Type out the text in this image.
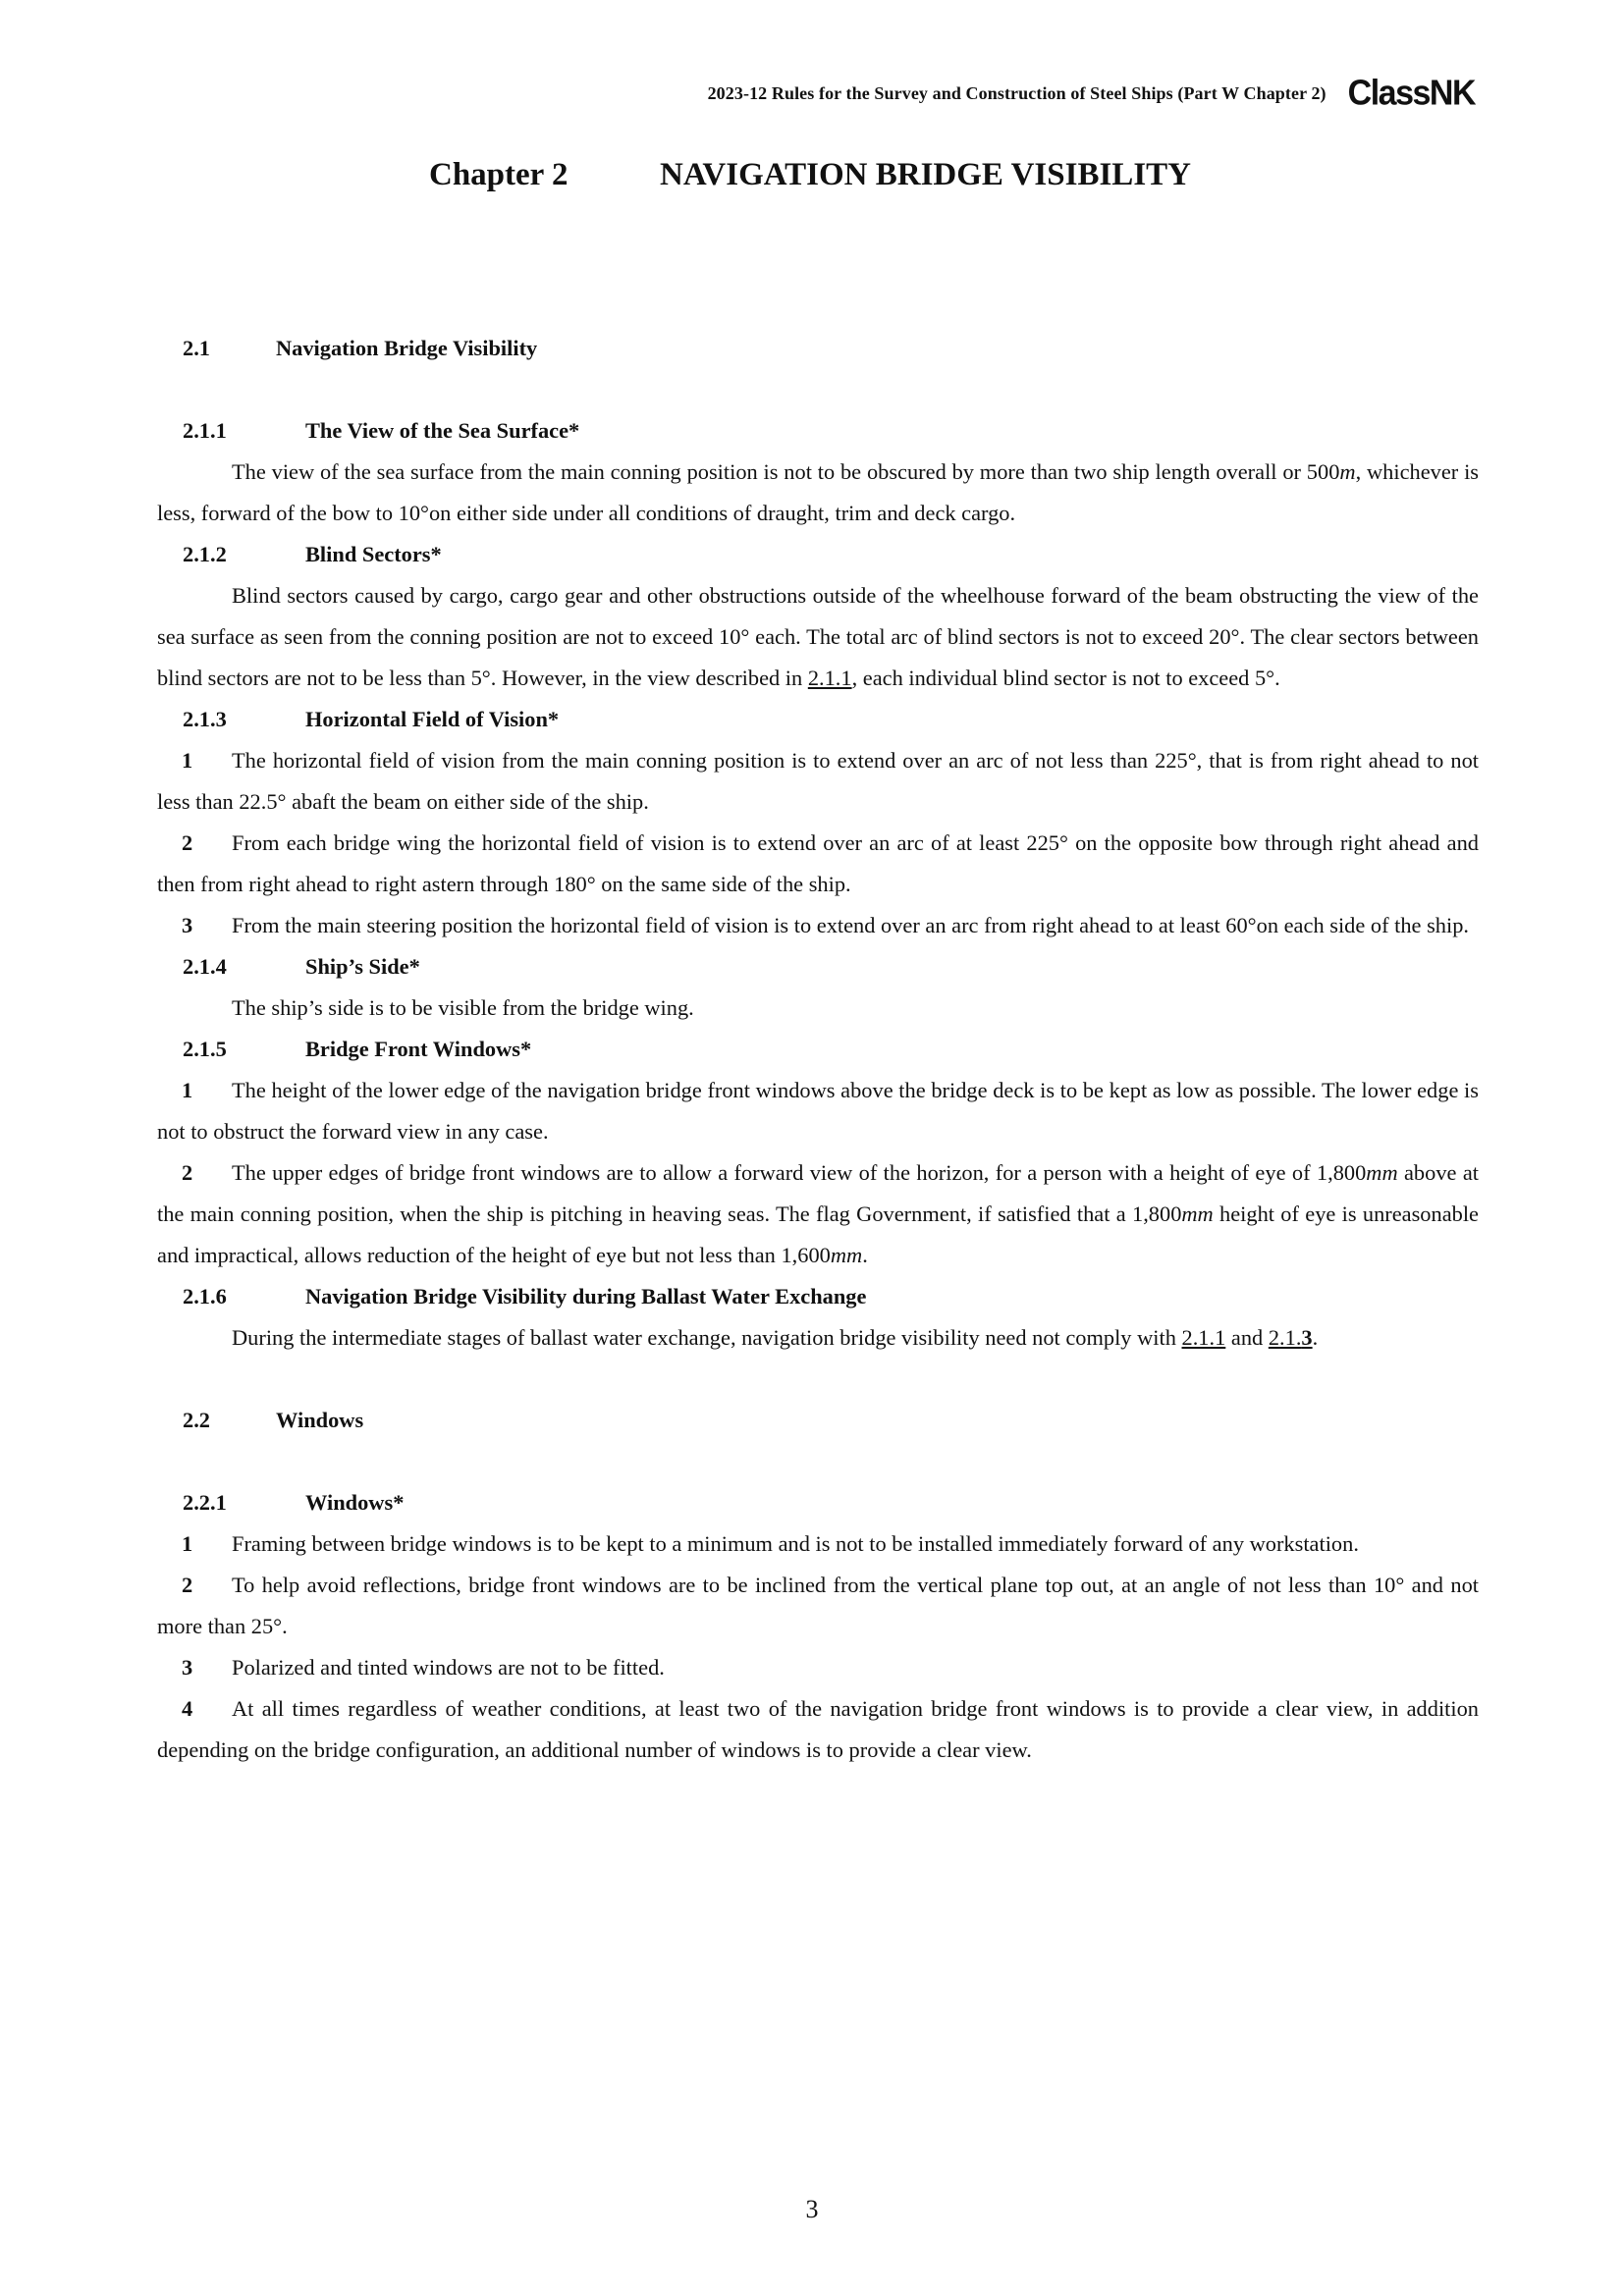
2023-12 Rules for the Survey and Construction of Steel Ships (Part W Chapter 2) ClassNK
Chapter 2	NAVIGATION BRIDGE VISIBILITY
2.1	Navigation Bridge Visibility
2.1.1	The View of the Sea Surface*
The view of the sea surface from the main conning position is not to be obscured by more than two ship length overall or 500m, whichever is less, forward of the bow to 10°on either side under all conditions of draught, trim and deck cargo.
2.1.2	Blind Sectors*
Blind sectors caused by cargo, cargo gear and other obstructions outside of the wheelhouse forward of the beam obstructing the view of the sea surface as seen from the conning position are not to exceed 10° each. The total arc of blind sectors is not to exceed 20°. The clear sectors between blind sectors are not to be less than 5°. However, in the view described in 2.1.1, each individual blind sector is not to exceed 5°.
2.1.3	Horizontal Field of Vision*
1 The horizontal field of vision from the main conning position is to extend over an arc of not less than 225°, that is from right ahead to not less than 22.5° abaft the beam on either side of the ship.
2 From each bridge wing the horizontal field of vision is to extend over an arc of at least 225° on the opposite bow through right ahead and then from right ahead to right astern through 180° on the same side of the ship.
3 From the main steering position the horizontal field of vision is to extend over an arc from right ahead to at least 60°on each side of the ship.
2.1.4	Ship’s Side*
The ship’s side is to be visible from the bridge wing.
2.1.5	Bridge Front Windows*
1 The height of the lower edge of the navigation bridge front windows above the bridge deck is to be kept as low as possible. The lower edge is not to obstruct the forward view in any case.
2 The upper edges of bridge front windows are to allow a forward view of the horizon, for a person with a height of eye of 1,800mm above at the main conning position, when the ship is pitching in heaving seas. The flag Government, if satisfied that a 1,800mm height of eye is unreasonable and impractical, allows reduction of the height of eye but not less than 1,600mm.
2.1.6	Navigation Bridge Visibility during Ballast Water Exchange
During the intermediate stages of ballast water exchange, navigation bridge visibility need not comply with 2.1.1 and 2.1.3.
2.2	Windows
2.2.1	Windows*
1 Framing between bridge windows is to be kept to a minimum and is not to be installed immediately forward of any workstation.
2 To help avoid reflections, bridge front windows are to be inclined from the vertical plane top out, at an angle of not less than 10° and not more than 25°.
3 Polarized and tinted windows are not to be fitted.
4 At all times regardless of weather conditions, at least two of the navigation bridge front windows is to provide a clear view, in addition depending on the bridge configuration, an additional number of windows is to provide a clear view.
3
